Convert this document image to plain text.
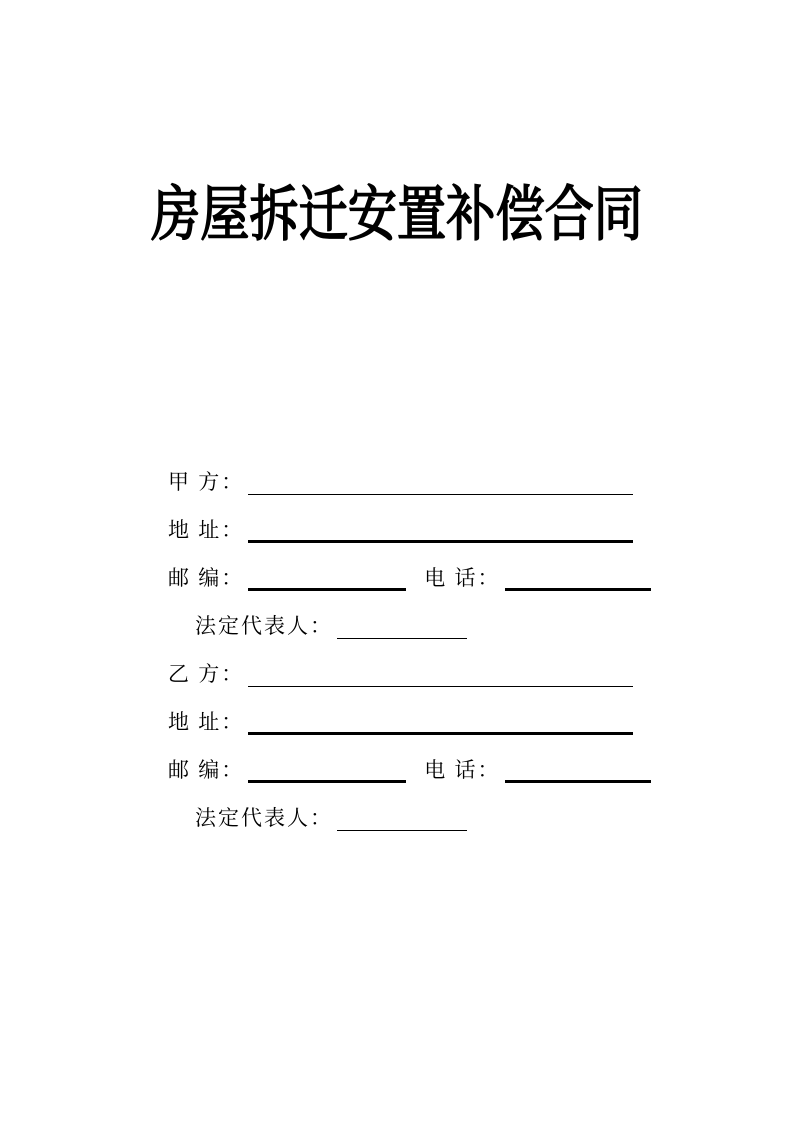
房屋拆迁安置补偿合同
甲 方：
地 址：
邮 编：	电 话：
法定代表人：
乙 方：
地 址：
邮 编：	电 话：
法定代表人：
